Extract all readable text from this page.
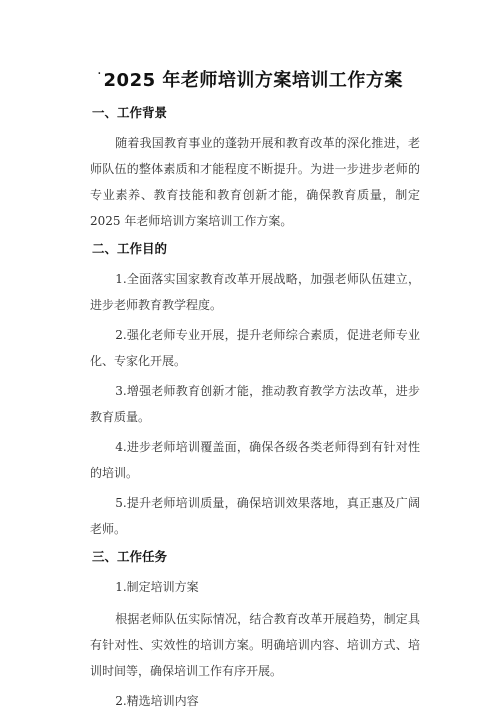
· 2025 年老师培训方案培训工作方案
一、工作背景

随着我国教育事业的蓬勃开展和教育改革的深化推进，老师队伍的整体素质和才能程度不断提升。为进一步进步老师的专业素养、教育技能和教育创新才能，确保教育质量，制定 2025 年老师培训方案培训工作方案。

二、工作目的

1.全面落实国家教育改革开展战略，加强老师队伍建立，进步老师教育教学程度。

2.强化老师专业开展，提升老师综合素质，促进老师专业化、专家化开展。

3.增强老师教育创新才能，推动教育教学方法改革，进步教育质量。

4.进步老师培训覆盖面，确保各级各类老师得到有针对性的培训。

5.提升老师培训质量，确保培训效果落地，真正惠及广阔老师。

三、工作任务

1.制定培训方案

根据老师队伍实际情况，结合教育改革开展趋势，制定具有针对性、实效性的培训方案。明确培训内容、培训方式、培训时间等，确保培训工作有序开展。

2.精选培训内容
